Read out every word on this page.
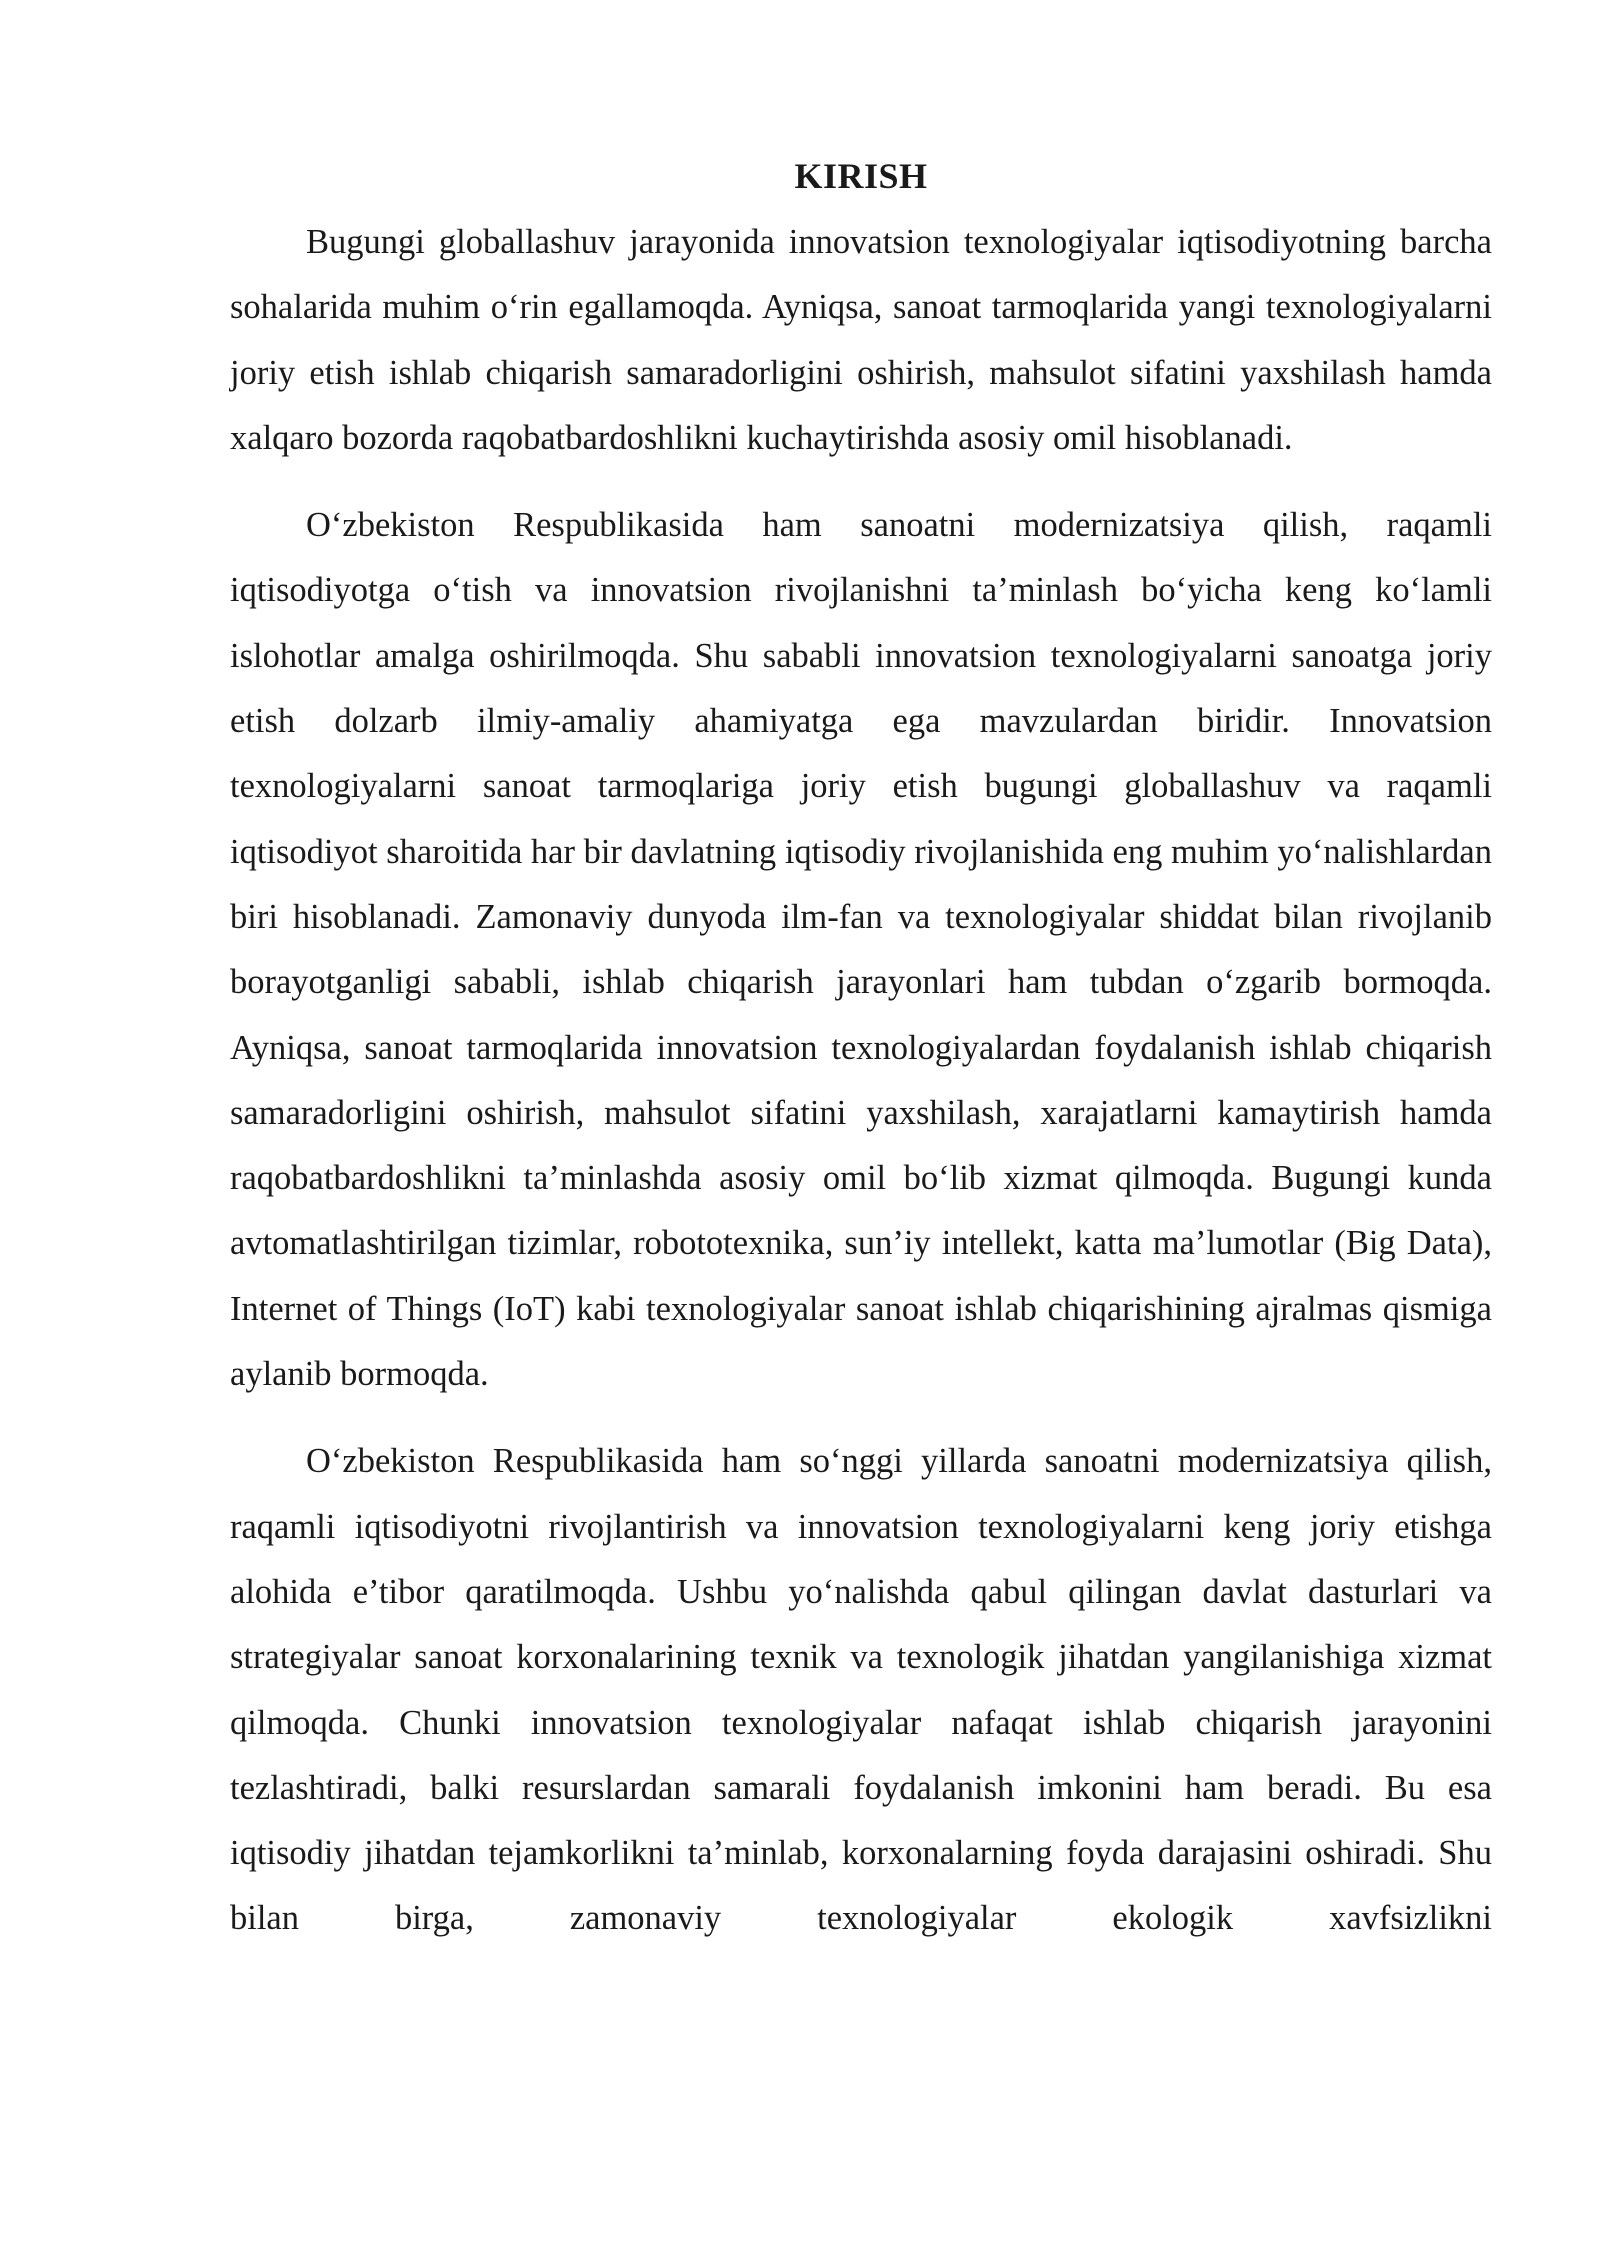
KIRISH

Bugungi globallashuv jarayonida innovatsion texnologiyalar iqtisodiyotning barcha sohalarida muhim o‘rin egallamoqda. Ayniqsa, sanoat tarmoqlarida yangi texnologiyalarni joriy etish ishlab chiqarish samaradorligini oshirish, mahsulot sifatini yaxshilash hamda xalqaro bozorda raqobatbardoshlikni kuchaytirishda asosiy omil hisoblanadi.

O‘zbekiston Respublikasida ham sanoatni modernizatsiya qilish, raqamli iqtisodiyotga o‘tish va innovatsion rivojlanishni ta’minlash bo‘yicha keng ko‘lamli islohotlar amalga oshirilmoqda. Shu sababli innovatsion texnologiyalarni sanoatga joriy etish dolzarb ilmiy-amaliy ahamiyatga ega mavzulardan biridir. Innovatsion texnologiyalarni sanoat tarmoqlariga joriy etish bugungi globallashuv va raqamli iqtisodiyot sharoitida har bir davlatning iqtisodiy rivojlanishida eng muhim yo‘nalishlardan biri hisoblanadi. Zamonaviy dunyoda ilm-fan va texnologiyalar shiddat bilan rivojlanib borayotganligi sababli, ishlab chiqarish jarayonlari ham tubdan o‘zgarib bormoqda. Ayniqsa, sanoat tarmoqlarida innovatsion texnologiyalardan foydalanish ishlab chiqarish samaradorligini oshirish, mahsulot sifatini yaxshilash, xarajatlarni kamaytirish hamda raqobatbardoshlikni ta’minlashda asosiy omil bo‘lib xizmat qilmoqda. Bugungi kunda avtomatlashtirilgan tizimlar, robototexnika, sun’iy intellekt, katta ma’lumotlar (Big Data), Internet of Things (IoT) kabi texnologiyalar sanoat ishlab chiqarishining ajralmas qismiga aylanib bormoqda.

O‘zbekiston Respublikasida ham so‘nggi yillarda sanoatni modernizatsiya qilish, raqamli iqtisodiyotni rivojlantirish va innovatsion texnologiyalarni keng joriy etishga alohida e’tibor qaratilmoqda. Ushbu yo‘nalishda qabul qilingan davlat dasturlari va strategiyalar sanoat korxonalarining texnik va texnologik jihatdan yangilanishiga xizmat qilmoqda. Chunki innovatsion texnologiyalar nafaqat ishlab chiqarish jarayonini tezlashtiradi, balki resurslardan samarali foydalanish imkonini ham beradi. Bu esa iqtisodiy jihatdan tejamkorlikni ta’minlab, korxonalarning foyda darajasini oshiradi. Shu bilan birga, zamonaviy texnologiyalar ekologik xavfsizlikni
